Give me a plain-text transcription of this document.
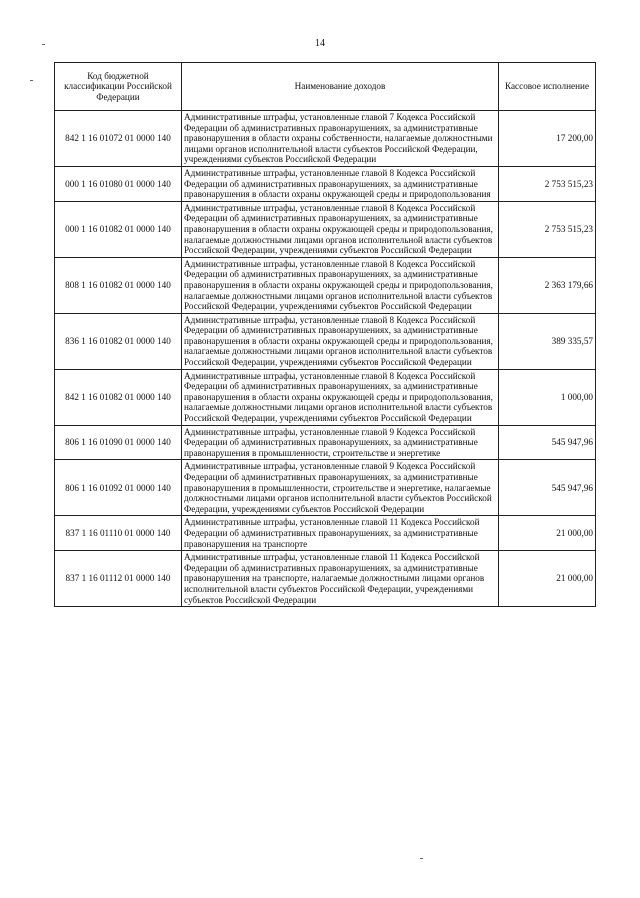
14
Код бюджетной классификации Российской Федерации	Наименование доходов	Кассовое исполнение
842 1 16 01072 01 0000 140	Административные штрафы, установленные главой 7 Кодекса Российской Федерации об административных правонарушениях, за административные правонарушения в области охраны собственности, налагаемые должностными лицами органов исполнительной власти субъектов Российской Федерации, учреждениями субъектов Российской Федерации	17 200,00
000 1 16 01080 01 0000 140	Административные штрафы, установленные главой 8 Кодекса Российской Федерации об административных правонарушениях, за административные правонарушения в области охраны окружающей среды и природопользования	2 753 515,23
000 1 16 01082 01 0000 140	Административные штрафы, установленные главой 8 Кодекса Российской Федерации об административных правонарушениях, за административные правонарушения в области охраны окружающей среды и природопользования, налагаемые должностными лицами органов исполнительной власти субъектов Российской Федерации, учреждениями субъектов Российской Федерации	2 753 515,23
808 1 16 01082 01 0000 140	Административные штрафы, установленные главой 8 Кодекса Российской Федерации об административных правонарушениях, за административные правонарушения в области охраны окружающей среды и природопользования, налагаемые должностными лицами органов исполнительной власти субъектов Российской Федерации, учреждениями субъектов Российской Федерации	2 363 179,66
836 1 16 01082 01 0000 140	Административные штрафы, установленные главой 8 Кодекса Российской Федерации об административных правонарушениях, за административные правонарушения в области охраны окружающей среды и природопользования, налагаемые должностными лицами органов исполнительной власти субъектов Российской Федерации, учреждениями субъектов Российской Федерации	389 335,57
842 1 16 01082 01 0000 140	Административные штрафы, установленные главой 8 Кодекса Российской Федерации об административных правонарушениях, за административные правонарушения в области охраны окружающей среды и природопользования, налагаемые должностными лицами органов исполнительной власти субъектов Российской Федерации, учреждениями субъектов Российской Федерации	1 000,00
806 1 16 01090 01 0000 140	Административные штрафы, установленные главой 9 Кодекса Российской Федерации об административных правонарушениях, за административные правонарушения в промышленности, строительстве и энергетике	545 947,96
806 1 16 01092 01 0000 140	Административные штрафы, установленные главой 9 Кодекса Российской Федерации об административных правонарушениях, за административные правонарушения в промышленности, строительстве и энергетике, налагаемые должностными лицами органов исполнительной власти субъектов Российской Федерации, учреждениями субъектов Российской Федерации	545 947,96
837 1 16 01110 01 0000 140	Административные штрафы, установленные главой 11 Кодекса Российской Федерации об административных правонарушениях, за административные правонарушения на транспорте	21 000,00
837 1 16 01112 01 0000 140	Административные штрафы, установленные главой 11 Кодекса Российской Федерации об административных правонарушениях, за административные правонарушения на транспорте, налагаемые должностными лицами органов исполнительной власти субъектов Российской Федерации, учреждениями субъектов Российской Федерации	21 000,00
